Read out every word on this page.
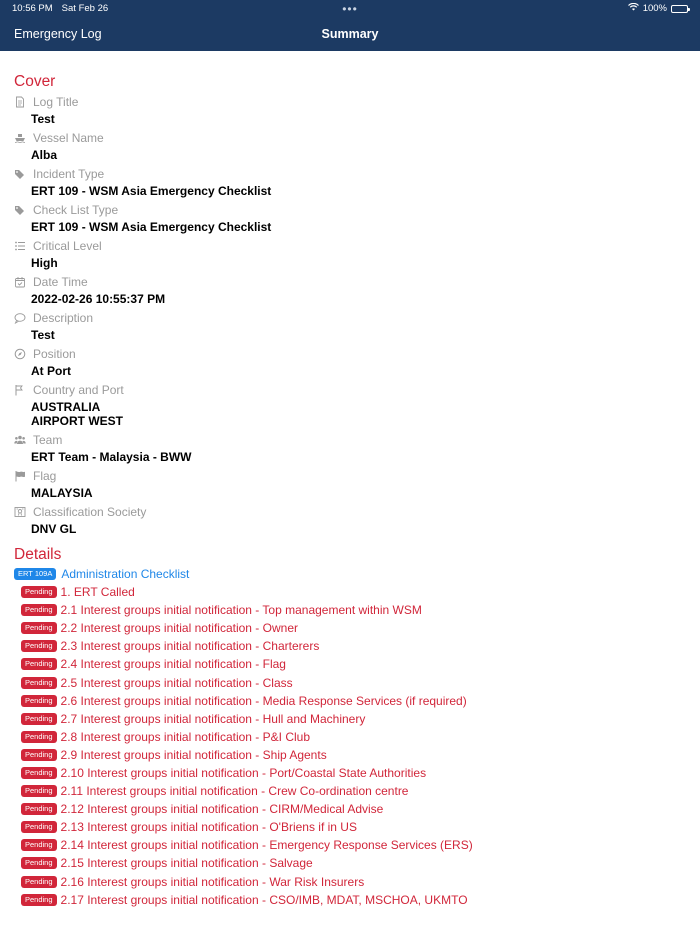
10:56 PM Sat Feb 26	•••	100%
Emergency Log	Summary
Cover
Log Title
Test
Vessel Name
Alba
Incident Type
ERT 109 - WSM Asia Emergency Checklist
Check List Type
ERT 109 - WSM Asia Emergency Checklist
Critical Level
High
Date Time
2022-02-26 10:55:37 PM
Description
Test
Position
At Port
Country and Port
AUSTRALIA
AIRPORT WEST
Team
ERT Team - Malaysia - BWW
Flag
MALAYSIA
Classification Society
DNV GL
Details
ERT 109A Administration Checklist
Pending 1. ERT Called
Pending 2.1 Interest groups initial notification - Top management within WSM
Pending 2.2 Interest groups initial notification - Owner
Pending 2.3 Interest groups initial notification - Charterers
Pending 2.4 Interest groups initial notification - Flag
Pending 2.5 Interest groups initial notification - Class
Pending 2.6 Interest groups initial notification - Media Response Services (if required)
Pending 2.7 Interest groups initial notification - Hull and Machinery
Pending 2.8 Interest groups initial notification - P&I Club
Pending 2.9 Interest groups initial notification - Ship Agents
Pending 2.10 Interest groups initial notification - Port/Coastal State Authorities
Pending 2.11 Interest groups initial notification - Crew Co-ordination centre
Pending 2.12 Interest groups initial notification - CIRM/Medical Advise
Pending 2.13 Interest groups initial notification - O'Briens if in US
Pending 2.14 Interest groups initial notification - Emergency Response Services (ERS)
Pending 2.15 Interest groups initial notification - Salvage
Pending 2.16 Interest groups initial notification - War Risk Insurers
Pending 2.17 Interest groups initial notification - CSO/IMB, MDAT, MSCHOA, UKMTO
